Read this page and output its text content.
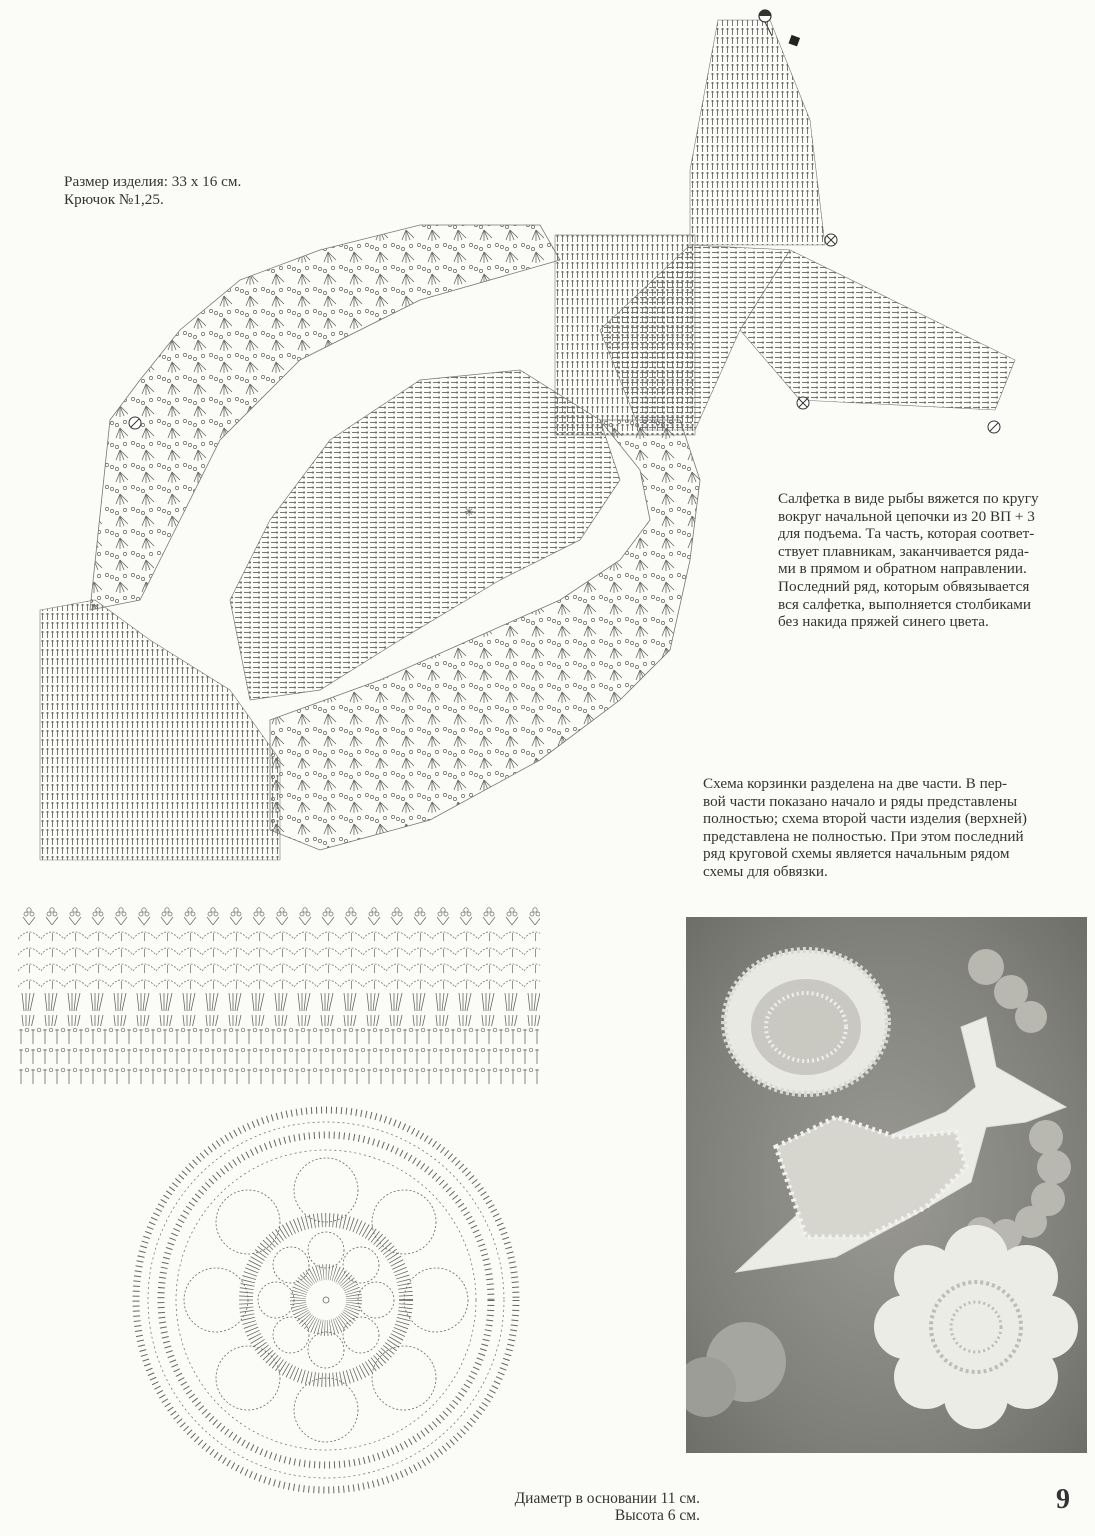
✳
Размер изделия: 33 х 16 см.
Крючок №1,25.
Салфетка в виде рыбы вяжется по кругу
вокруг начальной цепочки из 20 ВП + 3
для подъема. Та часть, которая соответ-
ствует плавникам, заканчивается ряда-
ми в прямом и обратном направлении.
Последний ряд, которым обвязывается
вся салфетка, выполняется столбиками
без накида пряжей синего цвета.
Схема корзинки разделена на две части. В пер-
вой части показано начало и ряды представлены
полностью; схема второй части изделия (верхней)
представлена не полностью. При этом последний
ряд круговой схемы является начальным рядом
схемы для обвязки.
Диаметр в основании 11 см.
Высота 6 см.
9
